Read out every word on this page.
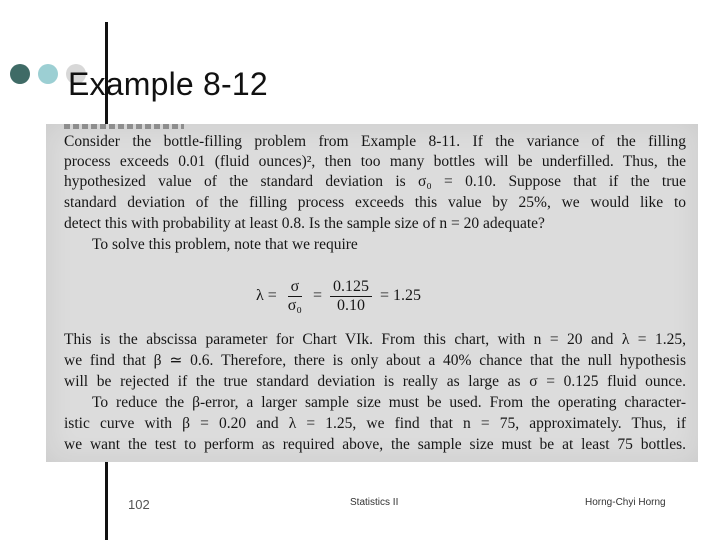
Example 8-12
Consider the bottle-filling problem from Example 8-11. If the variance of the filling
process exceeds 0.01 (fluid ounces)², then too many bottles will be underfilled. Thus, the
hypothesized value of the standard deviation is σ₀ = 0.10. Suppose that if the true
standard deviation of the filling process exceeds this value by 25%, we would like to
detect this with probability at least 0.8. Is the sample size of n = 20 adequate?
To solve this problem, note that we require
$\lambda = \frac{\sigma}{\text{σ₀}} = \frac{0.125}{0.10} = 1.25$
This is the abscissa parameter for Chart VIk. From this chart, with n = 20 and λ = 1.25,
we find that β ≃ 0.6. Therefore, there is only about a 40% chance that the null hypothesis
will be rejected if the true standard deviation is really as large as σ = 0.125 fluid ounce.
To reduce the β-error, a larger sample size must be used. From the operating character-
istic curve with β = 0.20 and λ = 1.25, we find that n = 75, approximately. Thus, if
we want the test to perform as required above, the sample size must be at least 75 bottles.
102	Statistics II	Horng-Chyi Horng
